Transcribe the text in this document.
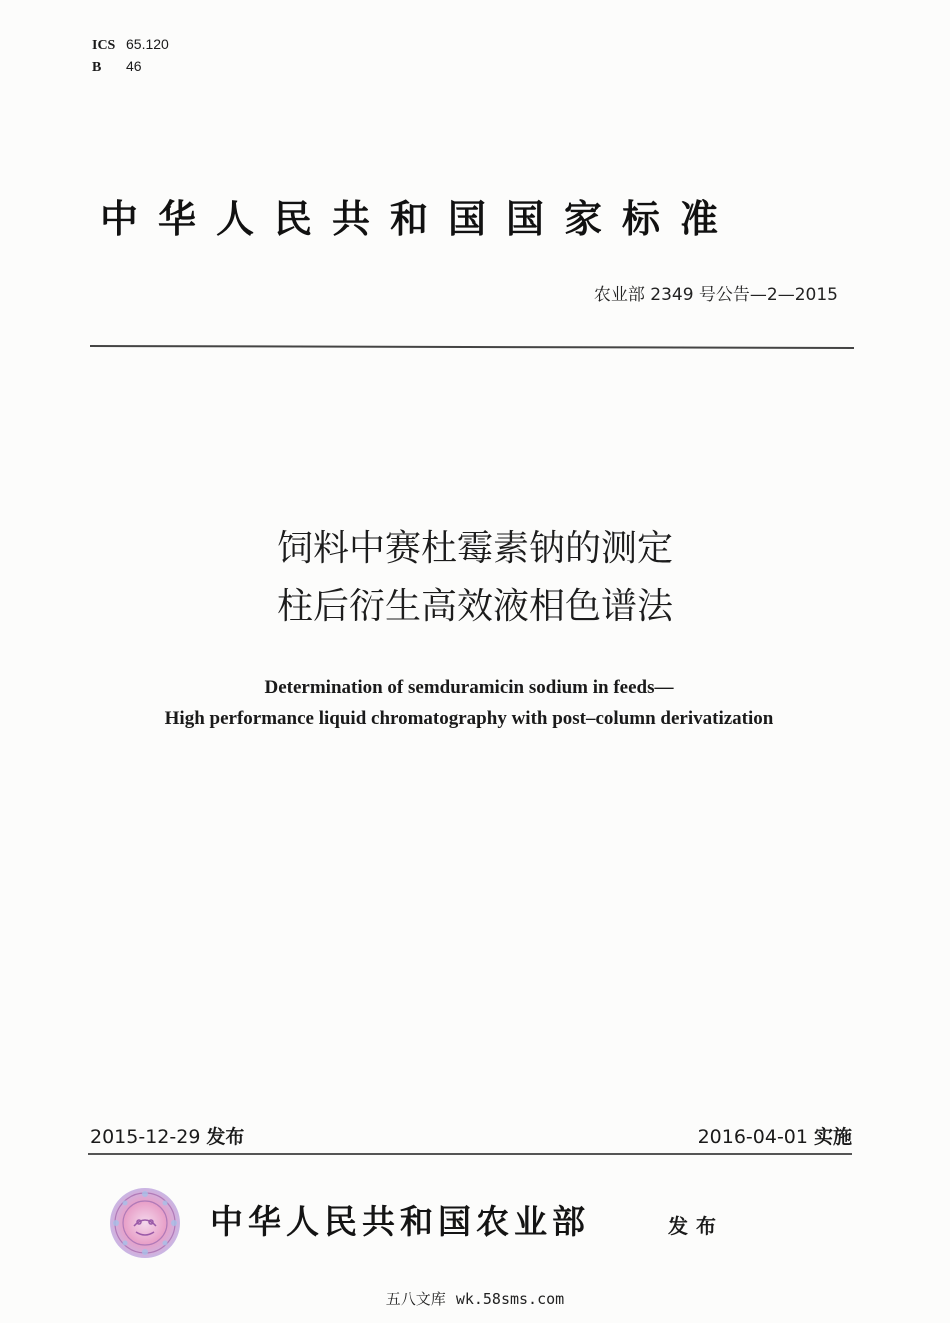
ICS 65.120
B 46
中华人民共和国国家标准
农业部 2349 号公告—2—2015
饲料中赛杜霉素钠的测定
柱后衍生高效液相色谱法
Determination of semduramicin sodium in feeds—
High performance liquid chromatography with post–column derivatization
2015-12-29 发布	2016-04-01 实施
中华人民共和国农业部	发布
五八文库 wk.58sms.com
